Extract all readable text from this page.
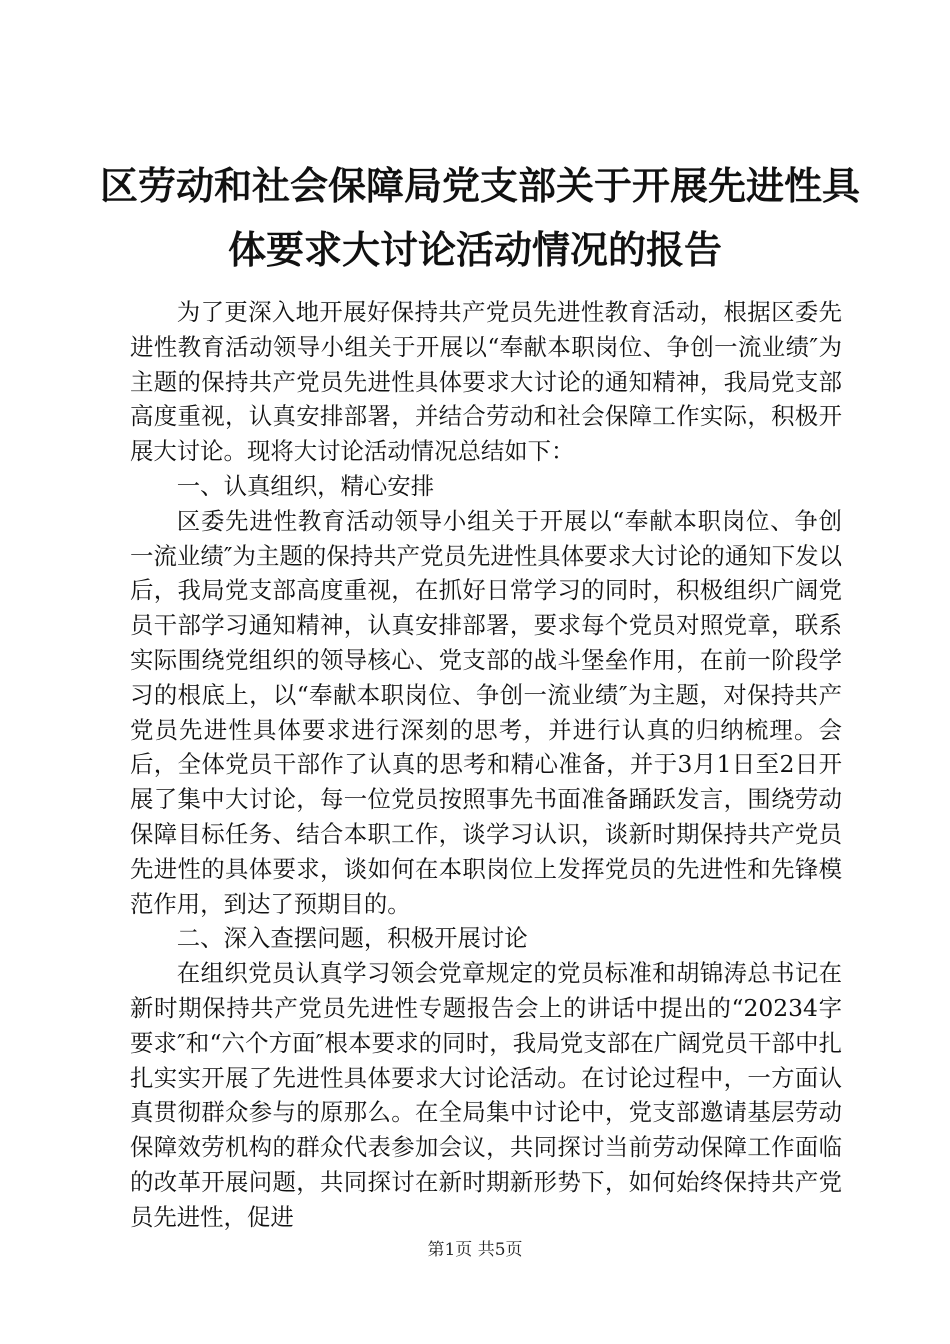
区劳动和社会保障局党支部关于开展先进性具
体要求大讨论活动情况的报告

为了更深入地开展好保持共产党员先进性教育活动，根据区委先进性教育活动领导小组关于开展以“奉献本职岗位、争创一流业绩″为主题的保持共产党员先进性具体要求大讨论的通知精神，我局党支部高度重视，认真安排部署，并结合劳动和社会保障工作实际，积极开展大讨论。现将大讨论活动情况总结如下：

一、认真组织，精心安排

区委先进性教育活动领导小组关于开展以“奉献本职岗位、争创一流业绩″为主题的保持共产党员先进性具体要求大讨论的通知下发以后，我局党支部高度重视，在抓好日常学习的同时，积极组织广阔党员干部学习通知精神，认真安排部署，要求每个党员对照党章，联系实际围绕党组织的领导核心、党支部的战斗堡垒作用，在前一阶段学习的根底上，以“奉献本职岗位、争创一流业绩″为主题，对保持共产党员先进性具体要求进行深刻的思考，并进行认真的归纳梳理。会后，全体党员干部作了认真的思考和精心准备，并于3月1日至2日开展了集中大讨论，每一位党员按照事先书面准备踊跃发言，围绕劳动保障目标任务、结合本职工作，谈学习认识，谈新时期保持共产党员先进性的具体要求，谈如何在本职岗位上发挥党员的先进性和先锋模范作用，到达了预期目的。

二、深入查摆问题，积极开展讨论

在组织党员认真学习领会党章规定的党员标准和胡锦涛总书记在新时期保持共产党员先进性专题报告会上的讲话中提出的“20234字要求″和“六个方面″根本要求的同时，我局党支部在广阔党员干部中扎扎实实开展了先进性具体要求大讨论活动。在讨论过程中，一方面认真贯彻群众参与的原那么。在全局集中讨论中，党支部邀请基层劳动保障效劳机构的群众代表参加会议，共同探讨当前劳动保障工作面临的改革开展问题，共同探讨在新时期新形势下，如何始终保持共产党员先进性，促进

第1页 共5页
